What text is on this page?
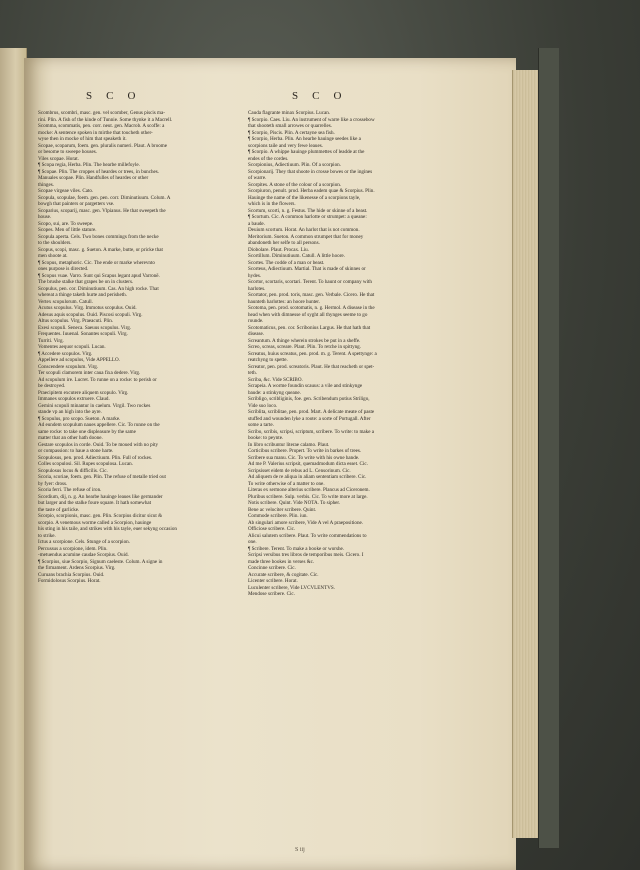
SCO	SCO
Scombrus, scombri, masc. gen. vel scomber, Genus piscis ma-
rini. Plin. A fish of the kinde of Tunnie. Some thynke it a Macrell.
Scomma, scommatis, pen. corr. neut. gen. Macrob. A scoffe: a
mocke: A sentence spoken in mirthe that toucheth other-
wyse then in mocke of him that speaketh it.
Scopae, scoparum, foem. gen. pluralis numeri. Plaut. A broome
or besome to sweepe houses.
Viles scopae. Horat.
¶ Scopa regia, Herba. Plin. The hearbe millefoyle.
¶ Scopae. Plin. The croppes of heardes or trees, in bunches.
Manuales scopae. Plin. Handfulles of heardes or other
thinges.
Scopae virgeae viles. Cato.
Scopula, scopulae, foem. gen. pen. corr. Diminutiuum. Colum. A
bowgh that painters or pargetters vse.
Scoparius, scoparij, masc. gen. Vlpianus. He that sweepeth the
house.
Scopo, sui, are. To sweepe.
Scopes. Men of little stature.
Scopula aperta. Cels. Two bones commings from the necke
to the shoulders.
Scopus, scopi, masc. g. Sueton. A marke, butte, or pricke that
men shoote at.
¶ Scopus, metaphoric. Cic. The ende or marke wherevnto
ones purpose is directed.
¶ Scopus vuae. Varro. Sunt qui Scapus legant apud Varronē.
The brushe stalke that grapes be on in clusters.
Scopulus, pen. cor. Diminutiuum. Cas. An high rocke. That
whereat a thinge taketh hurte and perisheth.
Vertex scopulorum. Catull.
Acutus scopulus. Virg. Immotus scopulus. Ouid.
Adesus aquis scopulus. Ouid. Piscosi scopuli. Virg.
Altus scopulus. Virg. Praeacuti. Plin.
Exesi scopuli. Seneca. Saeuus scopulus. Virg.
Frequentes. Iuuenal. Sonantes scopuli. Virg.
Turriti. Virg.
Vomentes aequor scopuli. Lucan.
¶ Accedere scopulos. Virg.
Appellere ad scopulos, Vide APPELLO.
Conscendere scopulum. Virg.
Ter scopuli clamorem inter caua fixa dedere. Virg.
Ad scopulum ire. Lucret. To runne on a rocke: to perish or
be destroyed.
Praecipitem excutere aliquem scopulo. Virg.
Immanes scopulos extruere. Claud.
Gemini scopuli minantur in caelum. Virgil. Two rockes
stande vp an high into the ayre.
¶ Scopulus, pro scopo. Sueton. A marke.
Ad eundem scopulum naues appellere. Cic. To runne on the
same rocke: to take one displeasure by the same
matter that an other hath doone.
Gestare scopulos in corde. Ouid. To be moued with no pity
or compassion: to haue a stone harte.
Scopulosus, pen. prod. Adiectiuum. Plin. Full of rockes.
Colles scopulosi. Sil. Rupes scopulosa. Lucan.
Scopulosus locus & difficilis. Cic.
Scoria, scoriae, foem. gen. Plin. The refuse of metalle tried out
by fyer: dross.
Scoria ferri. The refuse of iron.
Scordium, dij, n. g. An hearbe hauinge leaues like germander
but larger and the stalke foure square. It hath somewhat
the taste of garlicke.
Scorpio, scorpionis, masc. gen. Plin. Scorpius dicitur sicut &
scorpio. A venemous worme called a Scorpion, hauinge
his sting in his taile, and strikes with his tayle, euer sekyng occasion
to strike.
Ictus a scorpione. Cels. Stunge of a scorpion.
Percussus a scorpione, idem. Plin.
-metuendus acumine caudae Scorpius. Ouid.
¶ Scorpius, siue Scorpio, Signum caeleste. Colum. A signe in
the firmament. Ardens Scorpius. Virg.
Curuans brachia Scorpius. Ouid.
Formidolosus Scorpius. Horat.
Cauda flagrante minax Scorpius. Lucan.
¶ Scorpio. Caes. Liu. An instrument of warre like a crossebow
that shooteth small arrowes or quarrelles.
¶ Scorpio, Piscis. Plin. A certayne sea fish.
¶ Scorpio, Herba. Plin. An hearbe hauinge seedes like a
scorpions taile and very fewe leaues.
¶ Scorpio. A whippe hauinge plummettes of leadde at the
endes of the cordes.
Scorpionius, Adiectiuum. Plin. Of a scorpion.
Scorpionarij. They that shoote in crosse bowes or the ingines
of warre.
Scorpites. A stone of the colour of a scorpion.
Scorpiuron, penult. prod. Herba eadem quae & Scorpius. Plin.
Hauinge the name of the likenesse of a scorpions tayle,
which is in the flowers.
Scortum, scorti, n. g. Festus. The hide or skinne of a beast.
¶ Scortum. Cic. A common harlotte or strumpet: a queane:
a baude.
Deuium scortum. Horat. An harlot that is not common.
Meritorium. Sueton. A common strumpet that for money
abandoneth her selfe to all persons.
Diobolare. Plaut. Procax. Liu.
Scortillum. Diminutiuum. Catull. A little hoore.
Scortes. The codde of a man or beast.
Scorteus, Adiectiuum. Martial. That is made of skinnes or
hydes.
Scortor, scortaris, scortari. Terent. To haunt or company with
harlotes.
Scortator, pen. prod. toris, masc. gen. Verbale. Cicero. He that
haunteth harlottes: an hoore hunter.
Scotoma, pen. prod. scotomatis, n. g. Hermol. A disease in the
head when with dimnesse of syght all thynges seeme to go
rounde.
Scotomaticus, pen. cor. Scribonius Largus. He that hath that
disease.
Screantum. A thinge wherein strokes be put in a sheffe.
Screo, screas, screare. Plaut. Plin. To retche in spittyng.
Screatus, huius screatus, pen. prod. m. g. Terent. A spettynge: a
reatchyng to spette.
Screator, pen. prod. screatoris. Plaut. He that reacheth or spet-
teth.
Scriba, &c. Vide SCRIBO.
Scrapeia. A worme foundin scauus: a vile and stinkynge
baude: a stinkyng queane.
Scribligo, scribliginis, foe. gen. Scribendum potius Striligo,
Vide suo loco.
Scriblita, scriblitae, pen. prod. Mart. A delicate meate of paste
stuffed and wounden lyke a roote: a sorte of Portugall. After
some a tarte.
Scribo, scribis, scripsi, scriptum, scribere. To write: to make a
booke: to peynte.
In libro scribuntur literae calamo. Plaut.
Corticibus scribere. Propert. To write in barkes of trees.
Scribere sua manu. Cic. To write with his owne hande.
Ad me P. Valerius scripsit, quemadmodum dicta esset. Cic.
Scripsisset eidem de rebus ad L. Censorinum. Cic.
Ad aliquem de re aliqua in aliam sententiam scribere. Cic.
To write otherwise of a matter to one.
Literas ex sermone alterius scribere. Plancus ad Ciceronem.
Pluribus scribere. Sulp. verbis. Cic. To write more at large.
Notis scribere. Quint. Vide NOTA. To sipher.
Bene ac velociter scribere. Quint.
Commode scribere. Plin. iun.
Ab singulari amore scribere, Vide A vel A praepositione.
Officiose scribere. Cic.
Alicui salutem scribere. Plaut. To write commendations to
one.
¶ Scribere. Terent. To make a booke or worshe.
Scripsi versibus tres libros de temporibus meis. Cicero. I
made three bookes in verses &c.
Concinne scribere. Cic.
Accurate scribere, & cogitate. Cic.
Licenter scribere. Horat.
Luculenter scribere, Vide LVCVLENTVS.
Mendose scribere. Cic.
S iij
